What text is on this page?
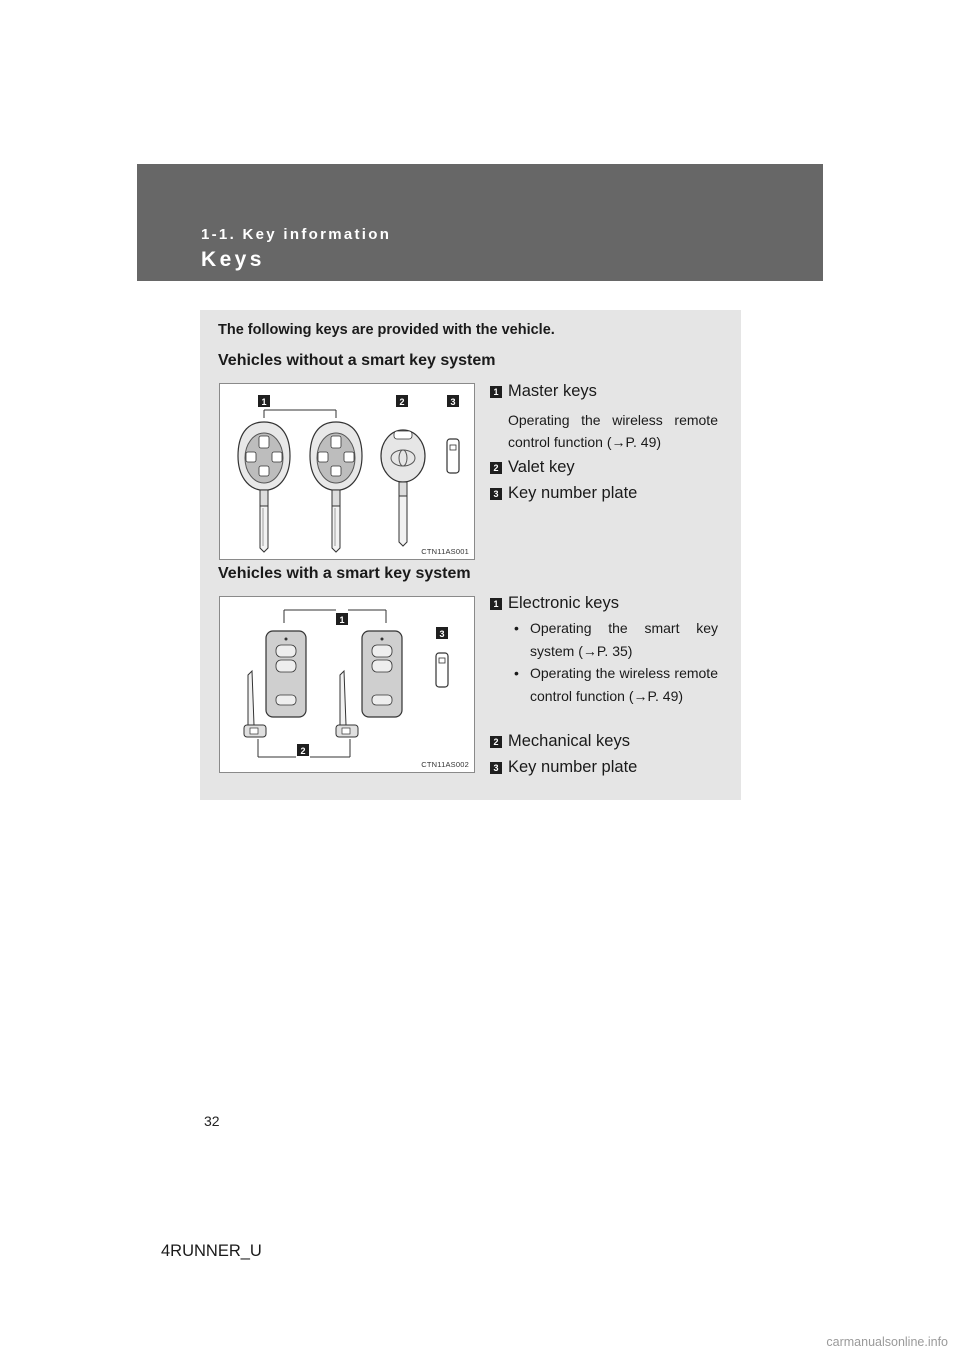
1-1. Key information
Keys
The following keys are provided with the vehicle.
Vehicles without a smart key system
1	2	3
CTN11AS001
1 Master keys
Operating the wireless remote control function (→P. 49)
2 Valet key
3 Key number plate
Vehicles with a smart key system
1
2
3
CTN11AS002
1 Electronic keys
• Operating the smart key system (→P. 35)
• Operating the wireless remote control function (→P. 49)
2 Mechanical keys
3 Key number plate
32
4RUNNER_U
carmanualsonline.info
